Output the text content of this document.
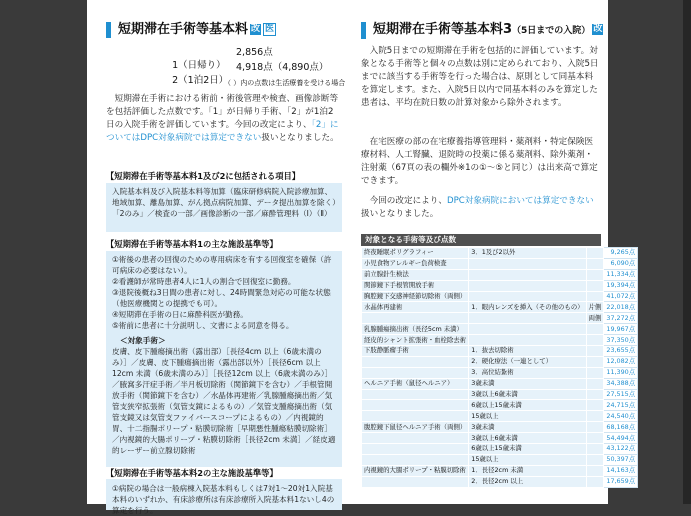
短期滞在手術等基本料 改 医

1（日帰り）

2,856点

2（1泊2日）

4,918点（4,890点）

（ ）内の点数は生活療養を受ける場合

短期滞在手術における術前・術後管理や検査、画像診断等を包括評価した点数です。「1」が日帰り手術、「2」が1泊2日の入院手術を評価しています。今回の改定により、「2」についてはDPC対象病院では算定できない扱いとなりました。

【短期滞在手術等基本料1及び2に包括される項目】

入院基本料及び入院基本料等加算（臨床研修病院入院診療加算、地域加算、離島加算、がん拠点病院加算、データ提出加算を除く）「2のみ」／検査の一部／画像診断の一部／麻酔管理料（Ⅰ）（Ⅱ）

【短期滞在手術等基本料1の主な施設基準等】

①術後の患者の回復のための専用病床を有する回復室を確保（許可病床の必要はない）。

②看護師が常時患者4人に1人の割合で回復室に勤務。

③退院後概ね3日間の患者に対し、24時間緊急対応の可能な状態（他医療機関との提携でも可）。

④短期滞在手術の日に麻酔科医が勤務。

⑤術前に患者に十分説明し、文書による同意を得る。

＜対象手術＞

皮膚、皮下腫瘍摘出術（露出部）［長径4cm 以上（6歳未満のみ）］／皮膚、皮下腫瘍摘出術（露出部以外）［長径6cm 以上12cm 未満（6歳未満のみ）］［長径12cm 以上（6歳未満のみ）］／腋窩多汗症手術／半月板切除術（関節鏡下を含む）／手根管開放手術（関節鏡下を含む）／水晶体再建術／乳腺腫瘍摘出術／気管支狭窄拡張術（気管支鏡によるもの）／気管支腫瘍摘出術（気管支鏡又は気管支ファイバースコープによるもの）／内視鏡的胃、十二指腸ポリープ・粘膜切除術［早期悪性腫瘍粘膜切除術］／内視鏡的大腸ポリープ・粘膜切除術［長径2cm 未満］／経皮適的レーザー前立腺切除術

【短期滞在手術等基本料2の主な施設基準等】

①病院の場合は一般病棟入院基本料もしくは7対1～20対1入院基本料のいずれか、有床診療所は有床診療所入院基本料1ないし4の算定を行う。

短期滞在手術等基本料3（5日までの入院） 改

入院5日までの短期滞在手術を包括的に評価しています。対象となる手術等と個々の点数は別に定められており、入院5日までに該当する手術等を行った場合は、原則として同基本料を算定します。また、入院5日以内で同基本料のみを算定した患者は、平均在院日数の計算対象から除外されます。

在宅医療の部の在宅療養指導管理料・薬剤料・特定保険医療材料、人工腎臓、退院時の投薬に係る薬剤料、除外薬剤・注射薬（67頁の表の欄外※1の①～⑤と同じ）は出来高で算定できます。

今回の改定により、DPC対象病院においては算定できない扱いとなりました。

対象となる手術等及び点数
終夜睡眠ポリグラフィー	3．1及び2以外		9,265点
小児食物アレルギー負荷検査			6,090点
前立腺針生検法			11,334点
関節鏡下手根管開放手術			19,394点
胸腔鏡下交感神経節切除術（両側）			41,072点
水晶体再建術	1．眼内レンズを挿入（その他のもの）	片側	22,018点
		両側	37,272点
乳腺腫瘍摘出術（長径5cm 未満）			19,967点
経皮的シャント拡張術・血栓除去術			37,350点
下肢静脈瘤手術	1．抜去切除術		23,655点
	2．硬化療法（一連として）		12,082点
	3．高位結紮術		11,390点
ヘルニア手術（鼠径ヘルニア）	3歳未満		34,388点
	3歳以上6歳未満		27,515点
	6歳以上15歳未満		24,715点
	15歳以上		24,540点
腹腔鏡下鼠径ヘルニア手術（両側）	3歳未満		68,168点
	3歳以上6歳未満		54,494点
	6歳以上15歳未満		43,122点
	15歳以上		50,397点
内視鏡的大腸ポリープ・粘膜切除術	1．長径2cm 未満		14,163点
	2．長径2cm 以上		17,659点
